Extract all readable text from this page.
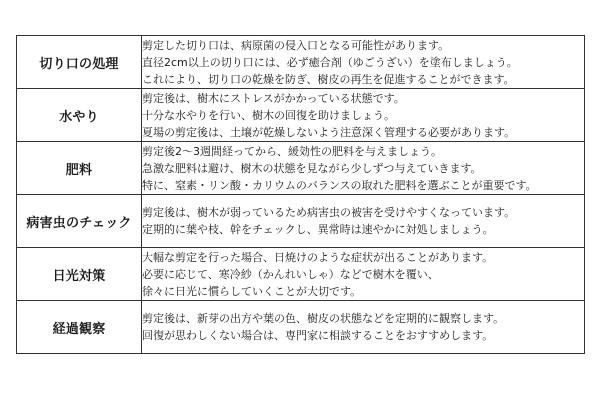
切り口の処理	剪定した切り口は、病原菌の侵入口となる可能性があります。
直径2cm以上の切り口には、必ず癒合剤（ゆごうざい）を塗布しましょう。
これにより、切り口の乾燥を防ぎ、樹皮の再生を促進することができます。

水やり	剪定後は、樹木にストレスがかかっている状態です。
十分な水やりを行い、樹木の回復を助けましょう。
夏場の剪定後は、土壌が乾燥しないよう注意深く管理する必要があります。

肥料	剪定後2〜3週間経ってから、緩効性の肥料を与えましょう。
急激な肥料は避け、樹木の状態を見ながら少しずつ与えていきます。
特に、窒素・リン酸・カリウムのバランスの取れた肥料を選ぶことが重要です。

病害虫のチェック	剪定後は、樹木が弱っているため病害虫の被害を受けやすくなっています。
定期的に葉や枝、幹をチェックし、異常時は速やかに対処しましょう。

日光対策	大幅な剪定を行った場合、日焼けのような症状が出ることがあります。
必要に応じて、寒冷紗（かんれいしゃ）などで樹木を覆い、
徐々に日光に慣らしていくことが大切です。

経過観察	剪定後は、新芽の出方や葉の色、樹皮の状態などを定期的に観察します。
回復が思わしくない場合は、専門家に相談することをおすすめします。
